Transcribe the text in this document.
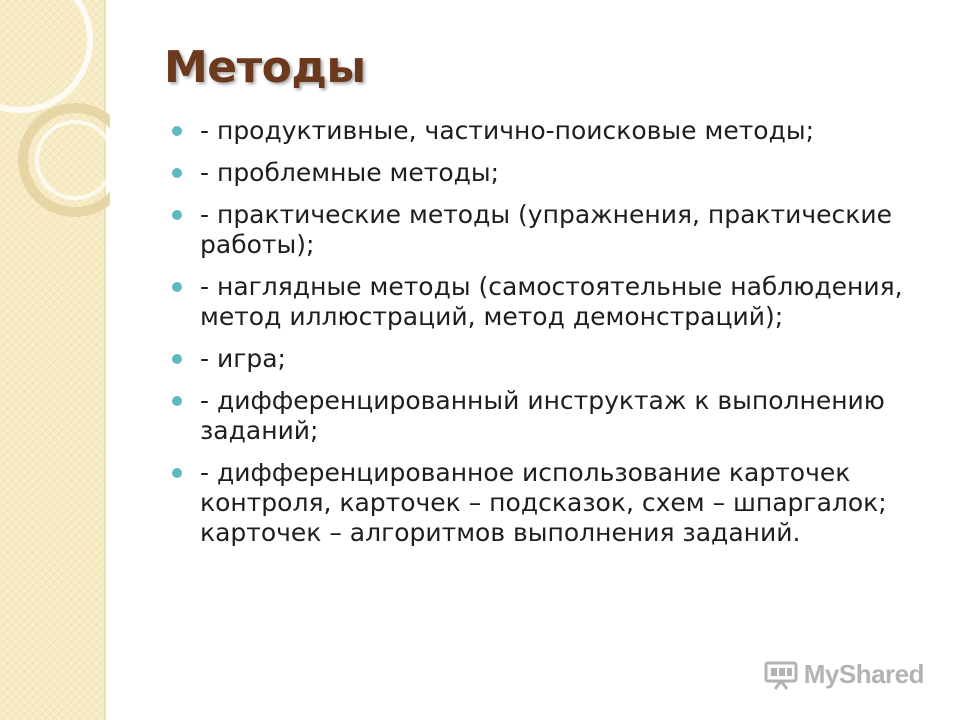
Методы
- продуктивные, частично-поисковые методы;
- проблемные методы;
- практические методы (упражнения, практические работы);
- наглядные методы (самостоятельные наблюдения, метод иллюстраций, метод демонстраций);
- игра;
- дифференцированный инструктаж к выполнению заданий;
- дифференцированное использование карточек контроля, карточек – подсказок, схем – шпаргалок; карточек – алгоритмов выполнения заданий.
MyShared
